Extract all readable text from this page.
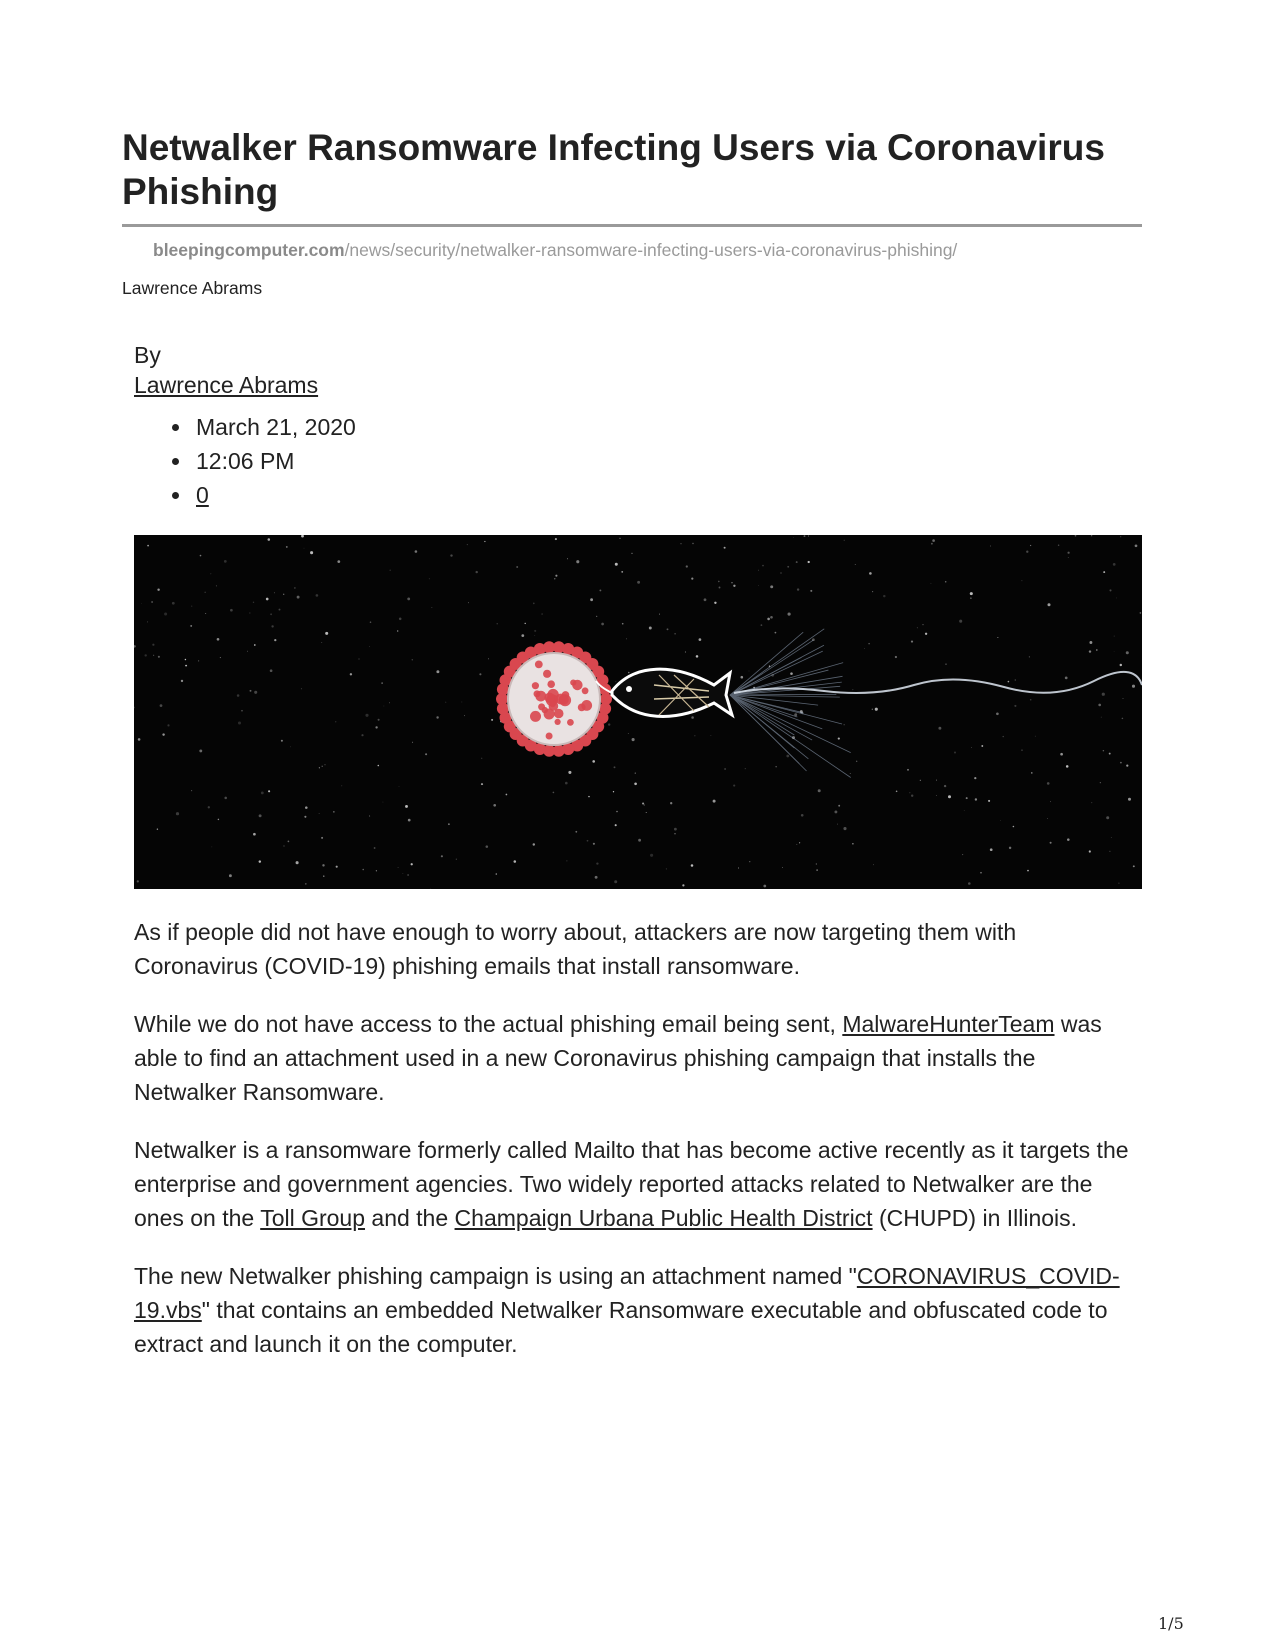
Netwalker Ransomware Infecting Users via Coronavirus Phishing
bleepingcomputer.com/news/security/netwalker-ransomware-infecting-users-via-coronavirus-phishing/
Lawrence Abrams
By
Lawrence Abrams
March 21, 2020
12:06 PM
0

As if people did not have enough to worry about, attackers are now targeting them with Coronavirus (COVID-19) phishing emails that install ransomware.

While we do not have access to the actual phishing email being sent, MalwareHunterTeam was able to find an attachment used in a new Coronavirus phishing campaign that installs the Netwalker Ransomware.

Netwalker is a ransomware formerly called Mailto that has become active recently as it targets the enterprise and government agencies. Two widely reported attacks related to Netwalker are the ones on the Toll Group and the Champaign Urbana Public Health District (CHUPD) in Illinois.

The new Netwalker phishing campaign is using an attachment named "CORONAVIRUS_COVID-19.vbs" that contains an embedded Netwalker Ransomware executable and obfuscated code to extract and launch it on the computer.

1/5
